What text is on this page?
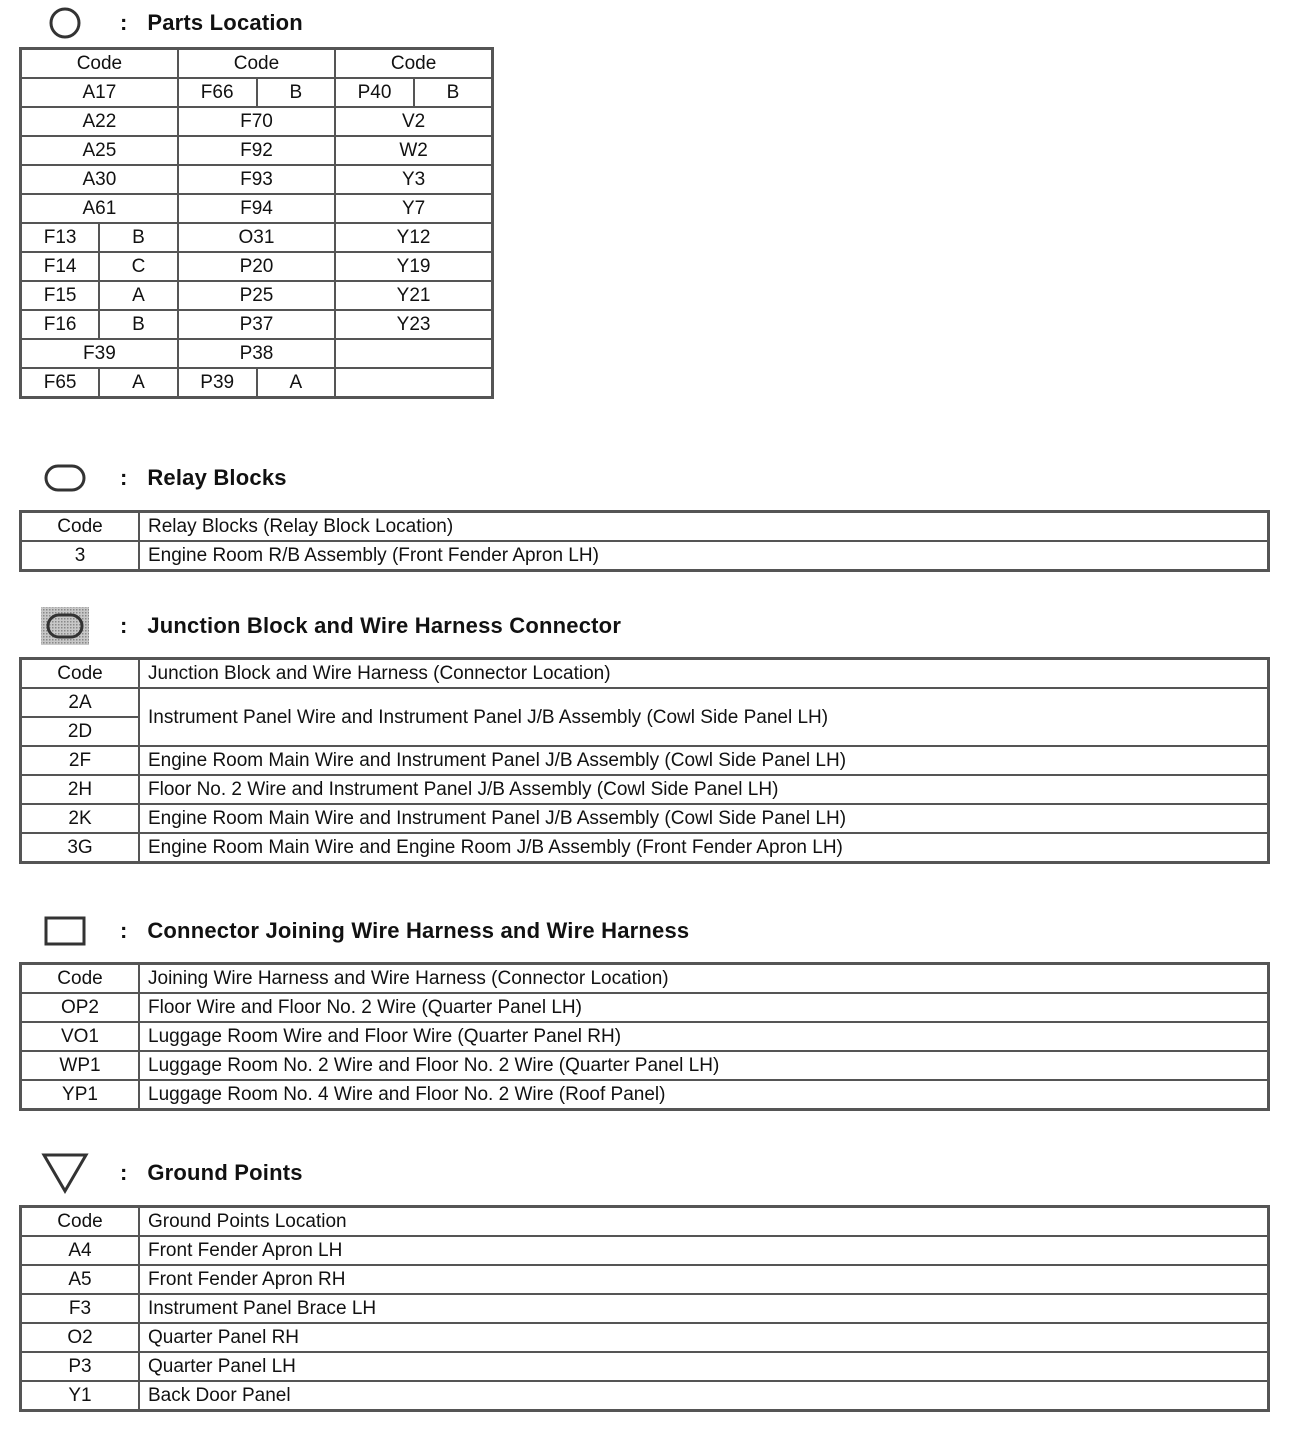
: Parts Location
Code		Code		Code	
A17		F66	B	P40	B
A22		F70		V2	
A25		F92		W2	
A30		F93		Y3	
A61		F94		Y7	
F13	B	O31		Y12	
F14	C	P20		Y19	
F15	A	P25		Y21	
F16	B	P37		Y23	
F39		P38			
F65	A	P39	A		
: Relay Blocks
Code	Relay Blocks (Relay Block Location)
3	Engine Room R/B Assembly (Front Fender Apron LH)
: Junction Block and Wire Harness Connector
Code	Junction Block and Wire Harness (Connector Location)
2A	Instrument Panel Wire and Instrument Panel J/B Assembly (Cowl Side Panel LH)
2D	
2F	Engine Room Main Wire and Instrument Panel J/B Assembly (Cowl Side Panel LH)
2H	Floor No. 2 Wire and Instrument Panel J/B Assembly (Cowl Side Panel LH)
2K	Engine Room Main Wire and Instrument Panel J/B Assembly (Cowl Side Panel LH)
3G	Engine Room Main Wire and Engine Room J/B Assembly (Front Fender Apron LH)
: Connector Joining Wire Harness and Wire Harness
Code	Joining Wire Harness and Wire Harness (Connector Location)
OP2	Floor Wire and Floor No. 2 Wire (Quarter Panel LH)
VO1	Luggage Room Wire and Floor Wire (Quarter Panel RH)
WP1	Luggage Room No. 2 Wire and Floor No. 2 Wire (Quarter Panel LH)
YP1	Luggage Room No. 4 Wire and Floor No. 2 Wire (Roof Panel)
: Ground Points
Code	Ground Points Location
A4	Front Fender Apron LH
A5	Front Fender Apron RH
F3	Instrument Panel Brace LH
O2	Quarter Panel RH
P3	Quarter Panel LH
Y1	Back Door Panel
